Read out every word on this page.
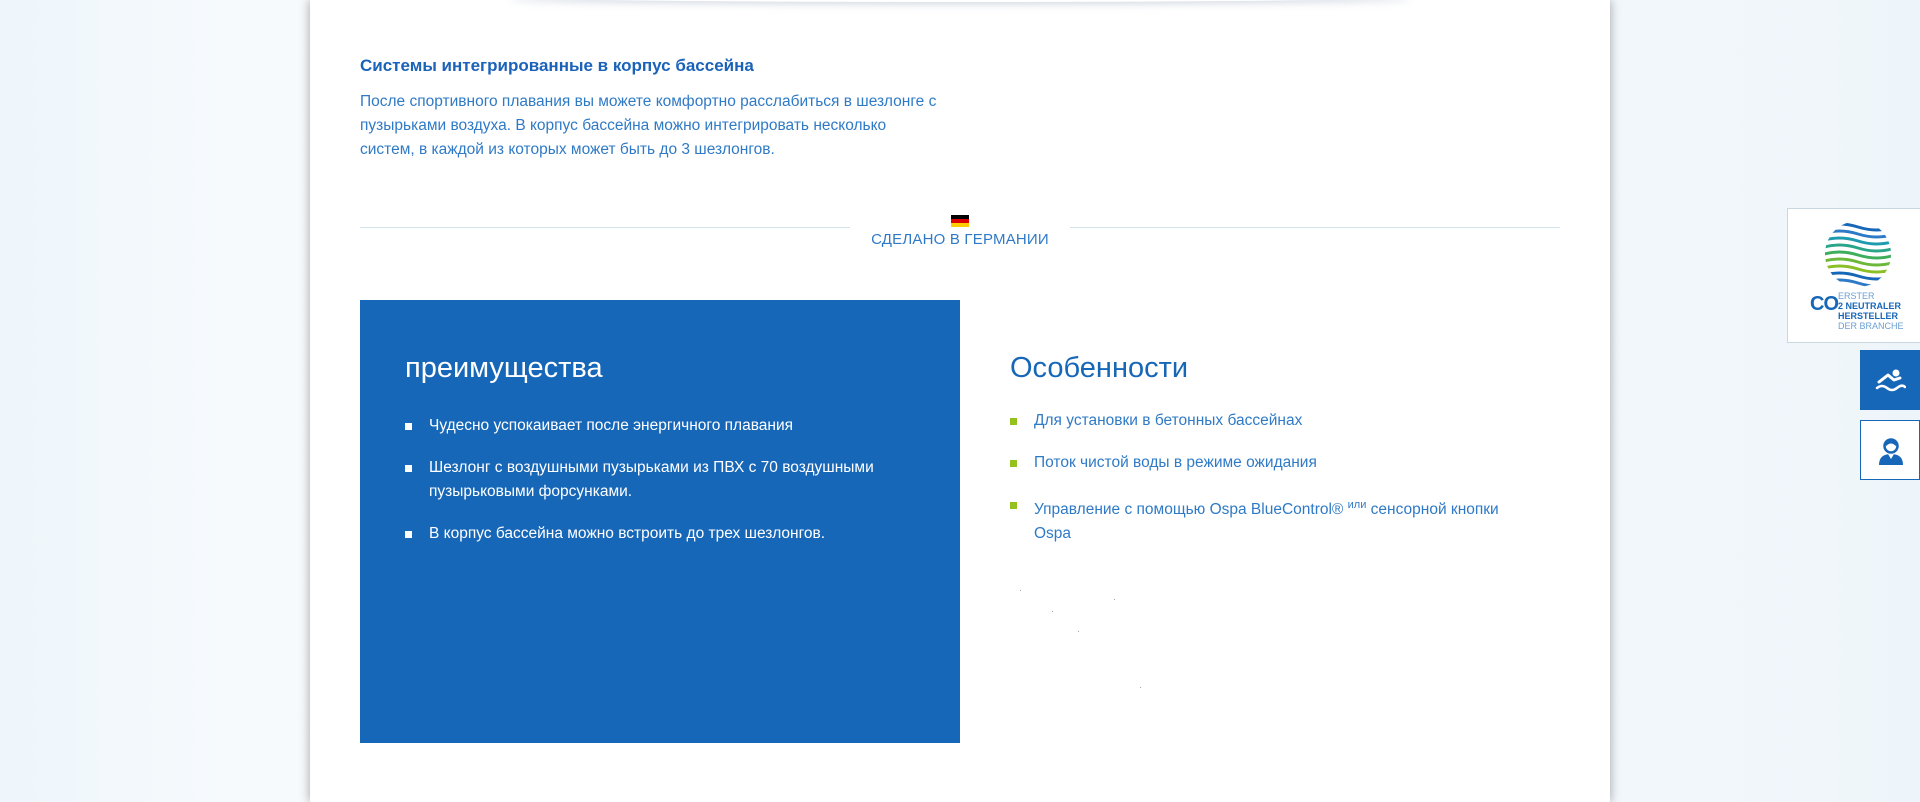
Системы интегрированные в корпус бассейна

После спортивного плавания вы можете комфортно расслабиться в шезлонге с пузырьками воздуха. В корпус бассейна можно интегрировать несколько систем, в каждой из которых может быть до 3 шезлонгов.

СДЕЛАНО В ГЕРМАНИИ
преимущества
Чудесно успокаивает после энергичного плавания
Шезлонг с воздушными пузырьками из ПВХ с 70 воздушными пузырьковыми форсунками.
В корпус бассейна можно встроить до трех шезлонгов.
Особенности
Для установки в бетонных бассейнах
Поток чистой воды в режиме ожидания
Управление с помощью Ospa BlueControl® $^{или}$ сенсорной кнопки Ospa
CO ERSTER
2 NEUTRALER
HERSTELLER
DER BRANCHE
